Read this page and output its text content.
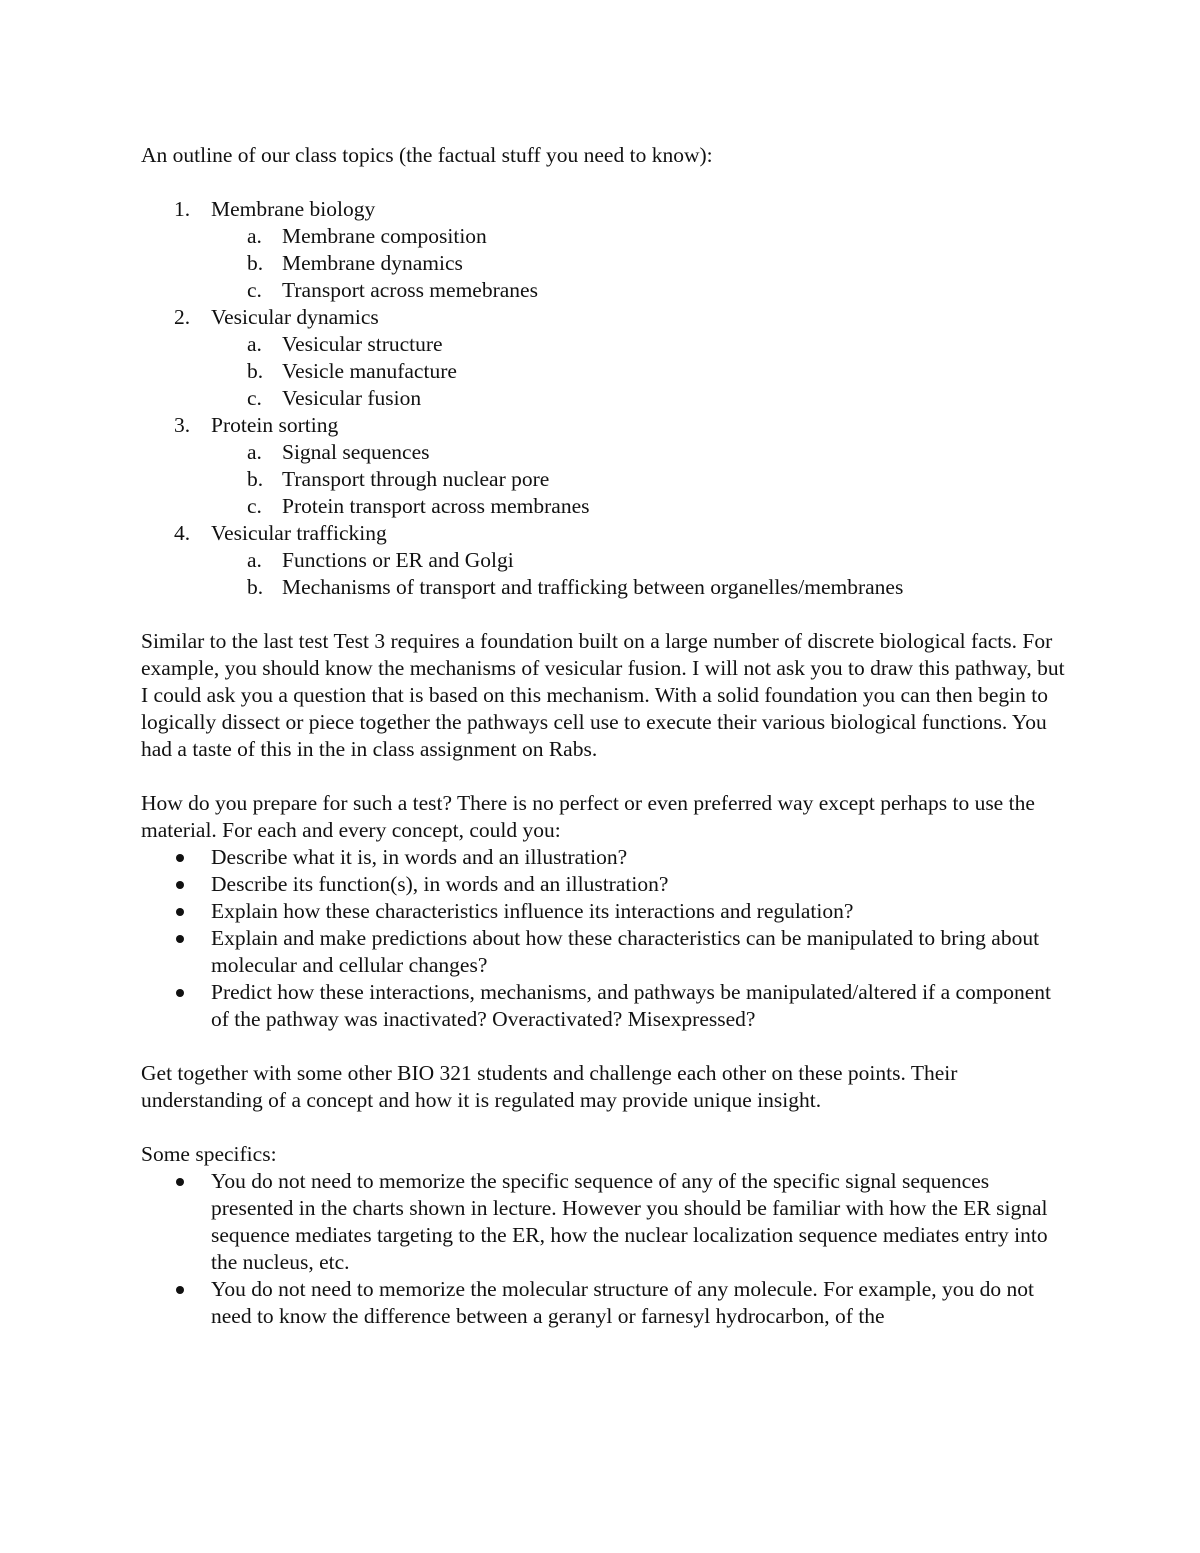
An outline of our class topics (the factual stuff you need to know):

1. Membrane biology
a. Membrane composition
b. Membrane dynamics
c. Transport across memebranes
2. Vesicular dynamics
a. Vesicular structure
b. Vesicle manufacture
c. Vesicular fusion
3. Protein sorting
a. Signal sequences
b. Transport through nuclear pore
c. Protein transport across membranes
4. Vesicular trafficking
a. Functions or ER and Golgi
b. Mechanisms of transport and trafficking between organelles/membranes

Similar to the last test Test 3 requires a foundation built on a large number of discrete biological facts. For example, you should know the mechanisms of vesicular fusion. I will not ask you to draw this pathway, but I could ask you a question that is based on this mechanism. With a solid foundation you can then begin to logically dissect or piece together the pathways cell use to execute their various biological functions. You had a taste of this in the in class assignment on Rabs.

How do you prepare for such a test? There is no perfect or even preferred way except perhaps to use the material. For each and every concept, could you:

Describe what it is, in words and an illustration?
Describe its function(s), in words and an illustration?
Explain how these characteristics influence its interactions and regulation?
Explain and make predictions about how these characteristics can be manipulated to bring about molecular and cellular changes?
Predict how these interactions, mechanisms, and pathways be manipulated/altered if a component of the pathway was inactivated? Overactivated? Misexpressed?

Get together with some other BIO 321 students and challenge each other on these points. Their understanding of a concept and how it is regulated may provide unique insight.

Some specifics:

You do not need to memorize the specific sequence of any of the specific signal sequences presented in the charts shown in lecture. However you should be familiar with how the ER signal sequence mediates targeting to the ER, how the nuclear localization sequence mediates entry into the nucleus, etc.
You do not need to memorize the molecular structure of any molecule. For example, you do not need to know the difference between a geranyl or farnesyl hydrocarbon, of the
